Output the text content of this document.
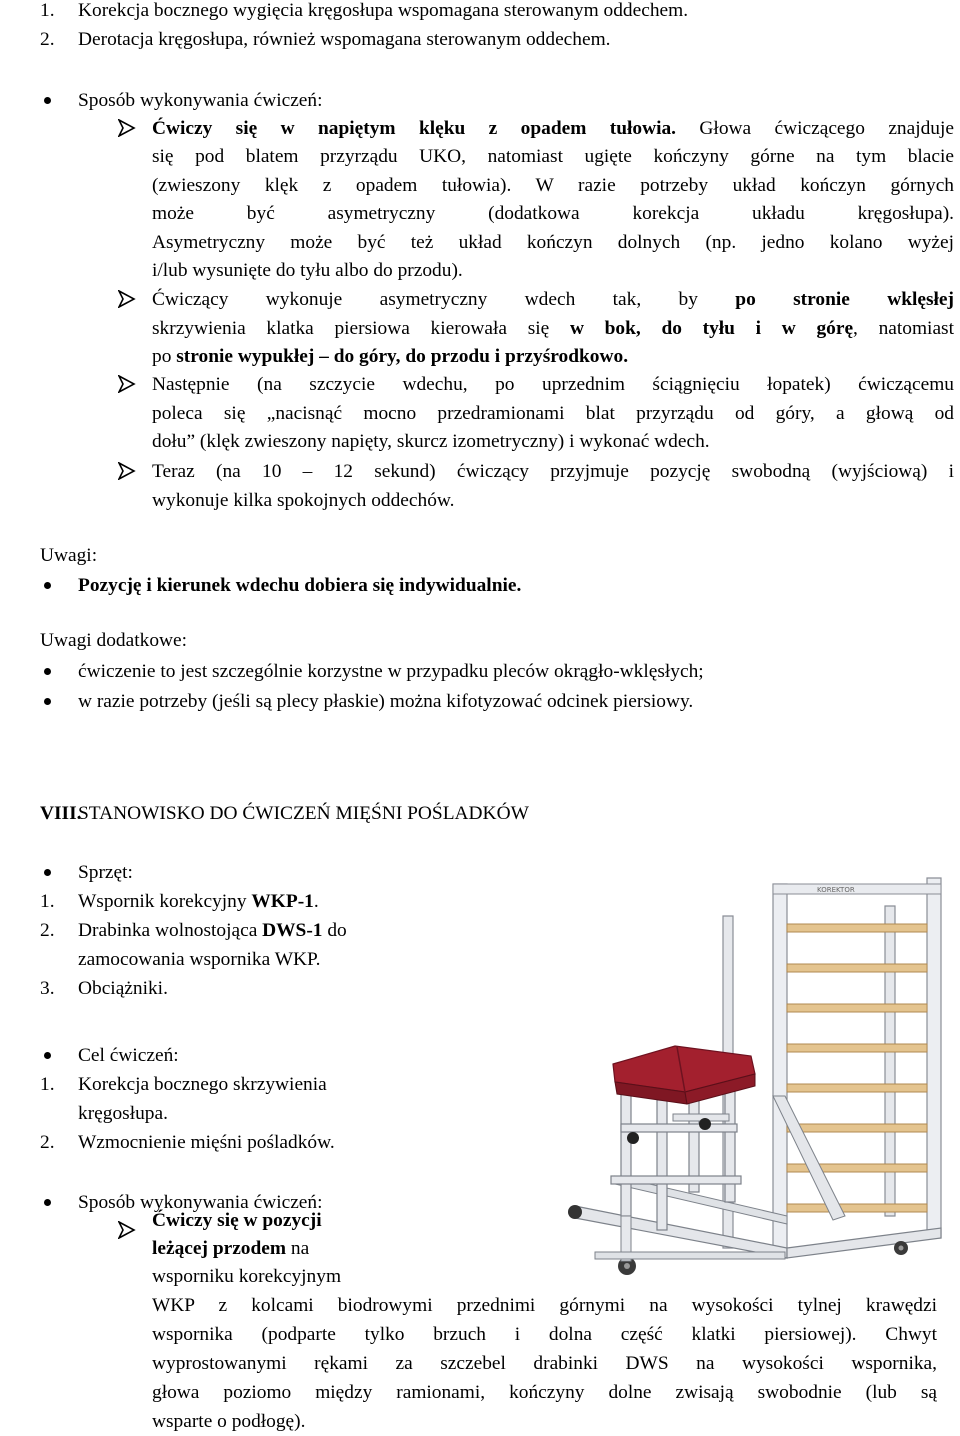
1. Korekcja bocznego wygięcia kręgosłupa wspomagana sterowanym oddechem.
2. Derotacja kręgosłupa, również wspomagana sterowanym oddechem.
Sposób wykonywania ćwiczeń:
Ćwiczy się w napiętym klęku z opadem tułowia. Głowa ćwiczącego znajduje
się pod blatem przyrządu UKO, natomiast ugięte kończyny górne na tym blacie
(zwieszony klęk z opadem tułowia). W razie potrzeby układ kończyn górnych
może być asymetryczny (dodatkowa korekcja układu kręgosłupa).
Asymetryczny może być też układ kończyn dolnych (np. jedno kolano wyżej
i/lub wysunięte do tyłu albo do przodu).
Ćwiczący wykonuje asymetryczny wdech tak, by po stronie wklęsłej
skrzywienia klatka piersiowa kierowała się w bok, do tyłu i w górę, natomiast
po stronie wypukłej – do góry, do przodu i przyśrodkowo.
Następnie (na szczycie wdechu, po uprzednim ściągnięciu łopatek) ćwiczącemu
poleca się „nacisnąć mocno przedramionami blat przyrządu od góry, a głową od
dołu” (klęk zwieszony napięty, skurcz izometryczny) i wykonać wdech.
Teraz (na 10 – 12 sekund) ćwiczący przyjmuje pozycję swobodną (wyjściową) i
wykonuje kilka spokojnych oddechów.
Uwagi:
Pozycję i kierunek wdechu dobiera się indywidualnie.
Uwagi dodatkowe:
ćwiczenie to jest szczególnie korzystne w przypadku pleców okrągło-wklęsłych;
w razie potrzeby (jeśli są plecy płaskie) można kifotyzować odcinek piersiowy.
VIII.
STANOWISKO DO ĆWICZEŃ MIĘŚNI POŚLADKÓW
Sprzęt:
1. Wspornik korekcyjny WKP-1.
2. Drabinka wolnostojąca DWS-1 do
zamocowania wspornika WKP.
3. Obciążniki.
Cel ćwiczeń:
1. Korekcja bocznego skrzywienia
kręgosłupa.
2. Wzmocnienie mięśni pośladków.
Sposób wykonywania ćwiczeń:
Ćwiczy się w pozycji
leżącej przodem na
wsporniku korekcyjnym
WKP z kolcami biodrowymi przednimi górnymi na wysokości tylnej krawędzi
wspornika (podparte tylko brzuch i dolna część klatki piersiowej). Chwyt
wyprostowanymi rękami za szczebel drabinki DWS na wysokości wspornika,
głowa poziomo między ramionami, kończyny dolne zwisają swobodnie (lub są
wsparte o podłogę).
KOREKTOR
